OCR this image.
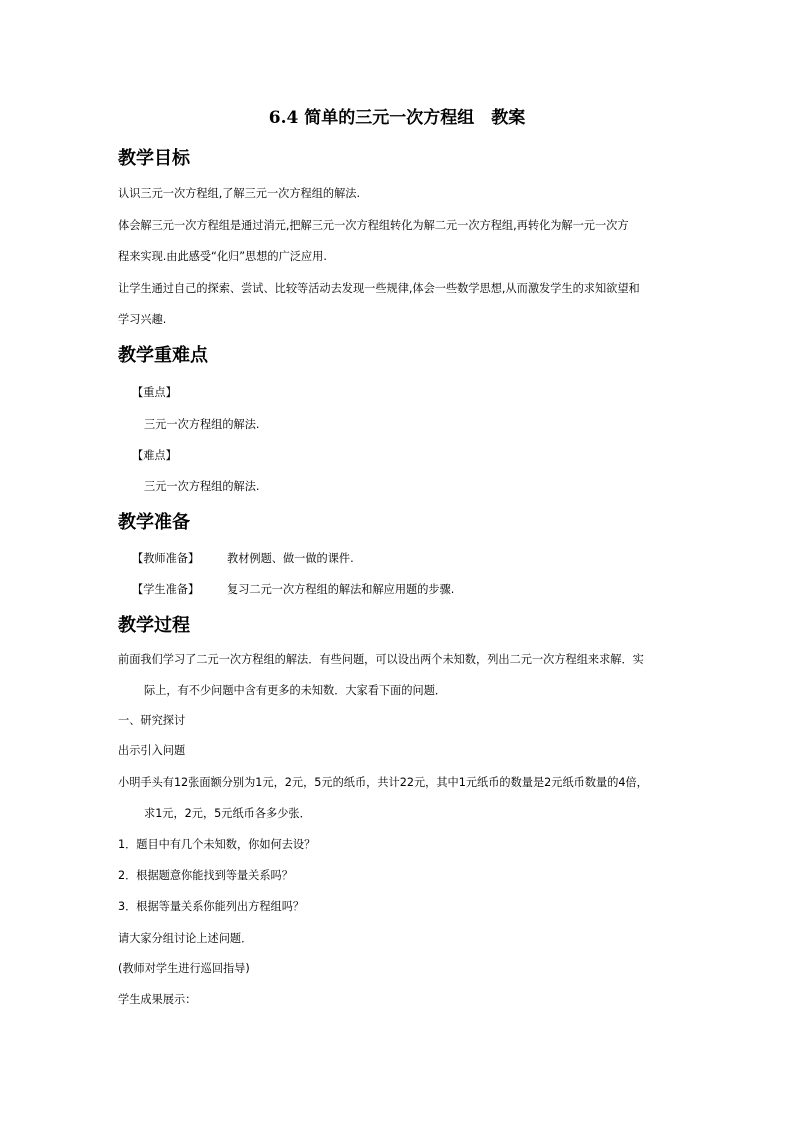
6.4 简单的三元一次方程组　教案
教学目标
认识三元一次方程组,了解三元一次方程组的解法.
体会解三元一次方程组是通过消元,把解三元一次方程组转化为解二元一次方程组,再转化为解一元一次方
程来实现.由此感受“化归”思想的广泛应用.
让学生通过自己的探索、尝试、比较等活动去发现一些规律,体会一些数学思想,从而激发学生的求知欲望和
学习兴趣.
教学重难点
【重点】
三元一次方程组的解法.
【难点】
三元一次方程组的解法.
教学准备
【教师准备】 教材例题、做一做的课件.
【学生准备】 复习二元一次方程组的解法和解应用题的步骤.
教学过程
前面我们学习了二元一次方程组的解法．有些问题，可以设出两个未知数，列出二元一次方程组来求解．实
际上，有不少问题中含有更多的未知数．大家看下面的问题．
一、研究探讨
出示引入问题
小明手头有12张面额分别为1元，2元，5元的纸币，共计22元，其中1元纸币的数量是2元纸币数量的4倍，
求1元，2元，5元纸币各多少张．
1．题目中有几个未知数，你如何去设？
2．根据题意你能找到等量关系吗？
3．根据等量关系你能列出方程组吗？
请大家分组讨论上述问题．
(教师对学生进行巡回指导)
学生成果展示：
